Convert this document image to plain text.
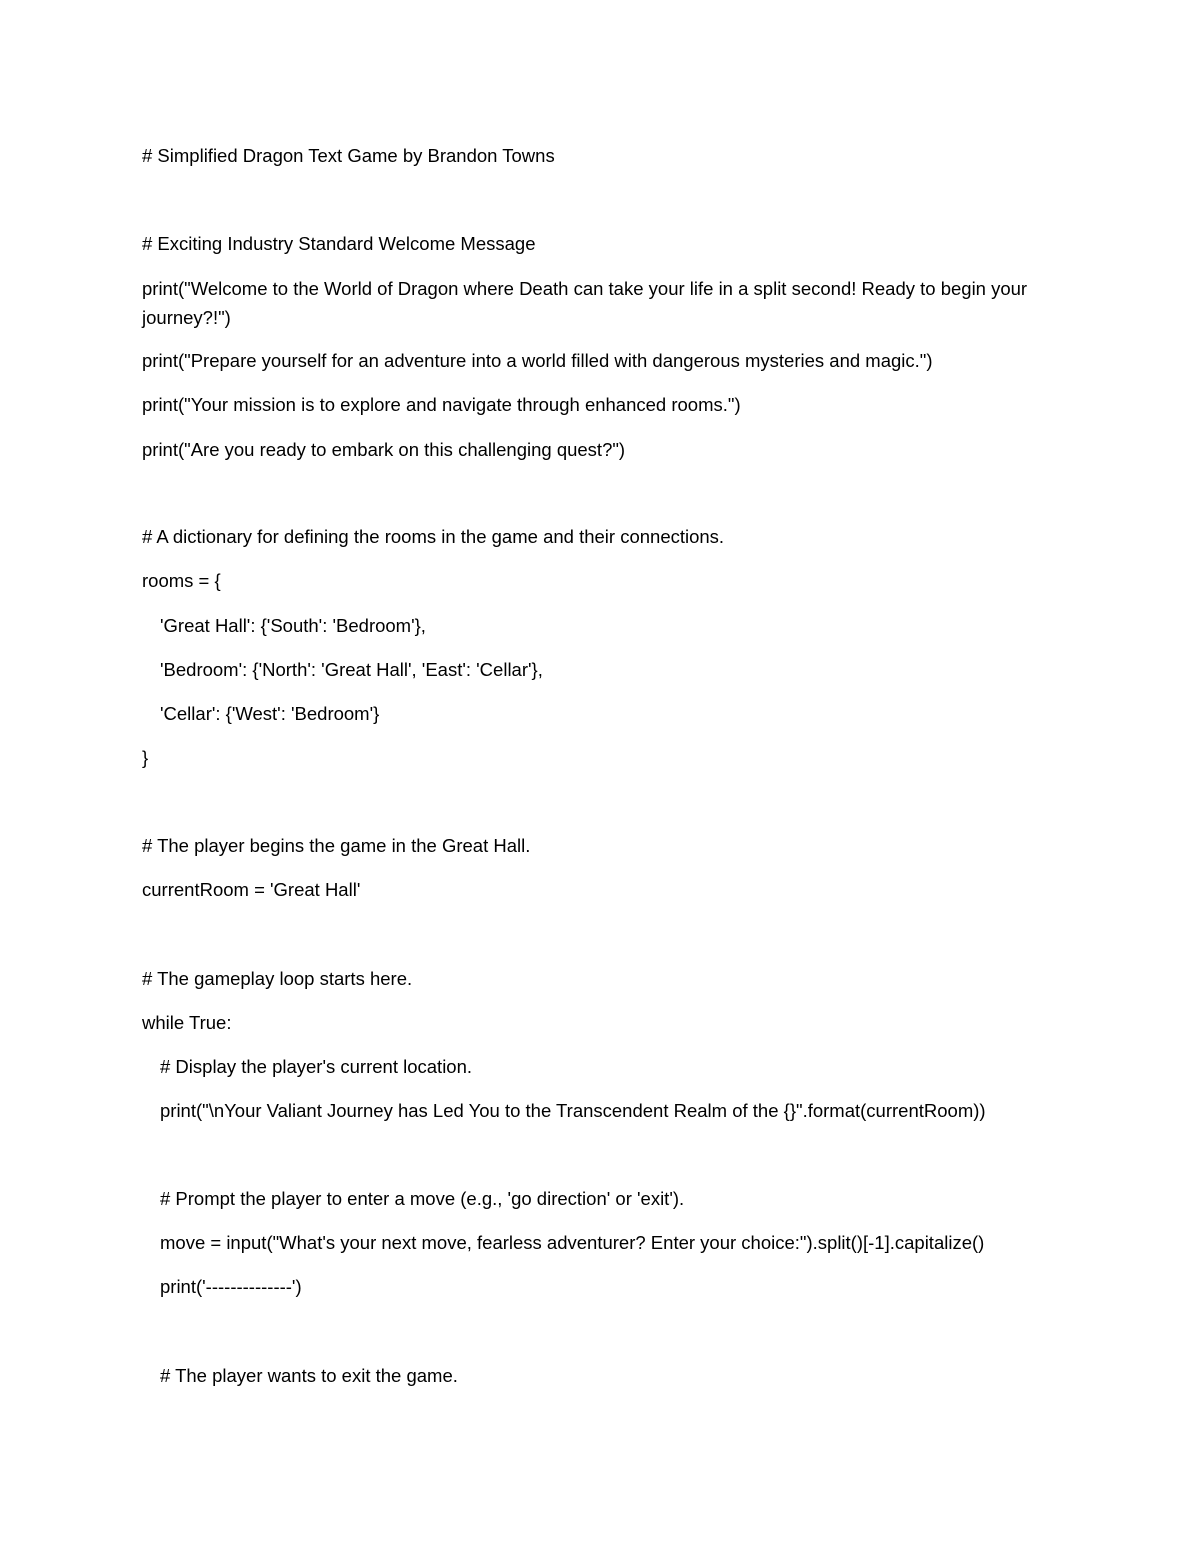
# Simplified Dragon Text Game by Brandon Towns

# Exciting Industry Standard Welcome Message

print("Welcome to the World of Dragon where Death can take your life in a split second! Ready to begin your journey?!")

print("Prepare yourself for an adventure into a world filled with dangerous mysteries and magic.")

print("Your mission is to explore and navigate through enhanced rooms.")

print("Are you ready to embark on this challenging quest?")

# A dictionary for defining the rooms in the game and their connections.

rooms = {

'Great Hall': {'South': 'Bedroom'},

'Bedroom': {'North': 'Great Hall', 'East': 'Cellar'},

'Cellar': {'West': 'Bedroom'}

}

# The player begins the game in the Great Hall.

currentRoom = 'Great Hall'

# The gameplay loop starts here.

while True:

# Display the player's current location.

print("\nYour Valiant Journey has Led You to the Transcendent Realm of the {}".format(currentRoom))

# Prompt the player to enter a move (e.g., 'go direction' or 'exit').

move = input("What's your next move, fearless adventurer? Enter your choice:").split()[-1].capitalize()

print('--------------')

# The player wants to exit the game.
